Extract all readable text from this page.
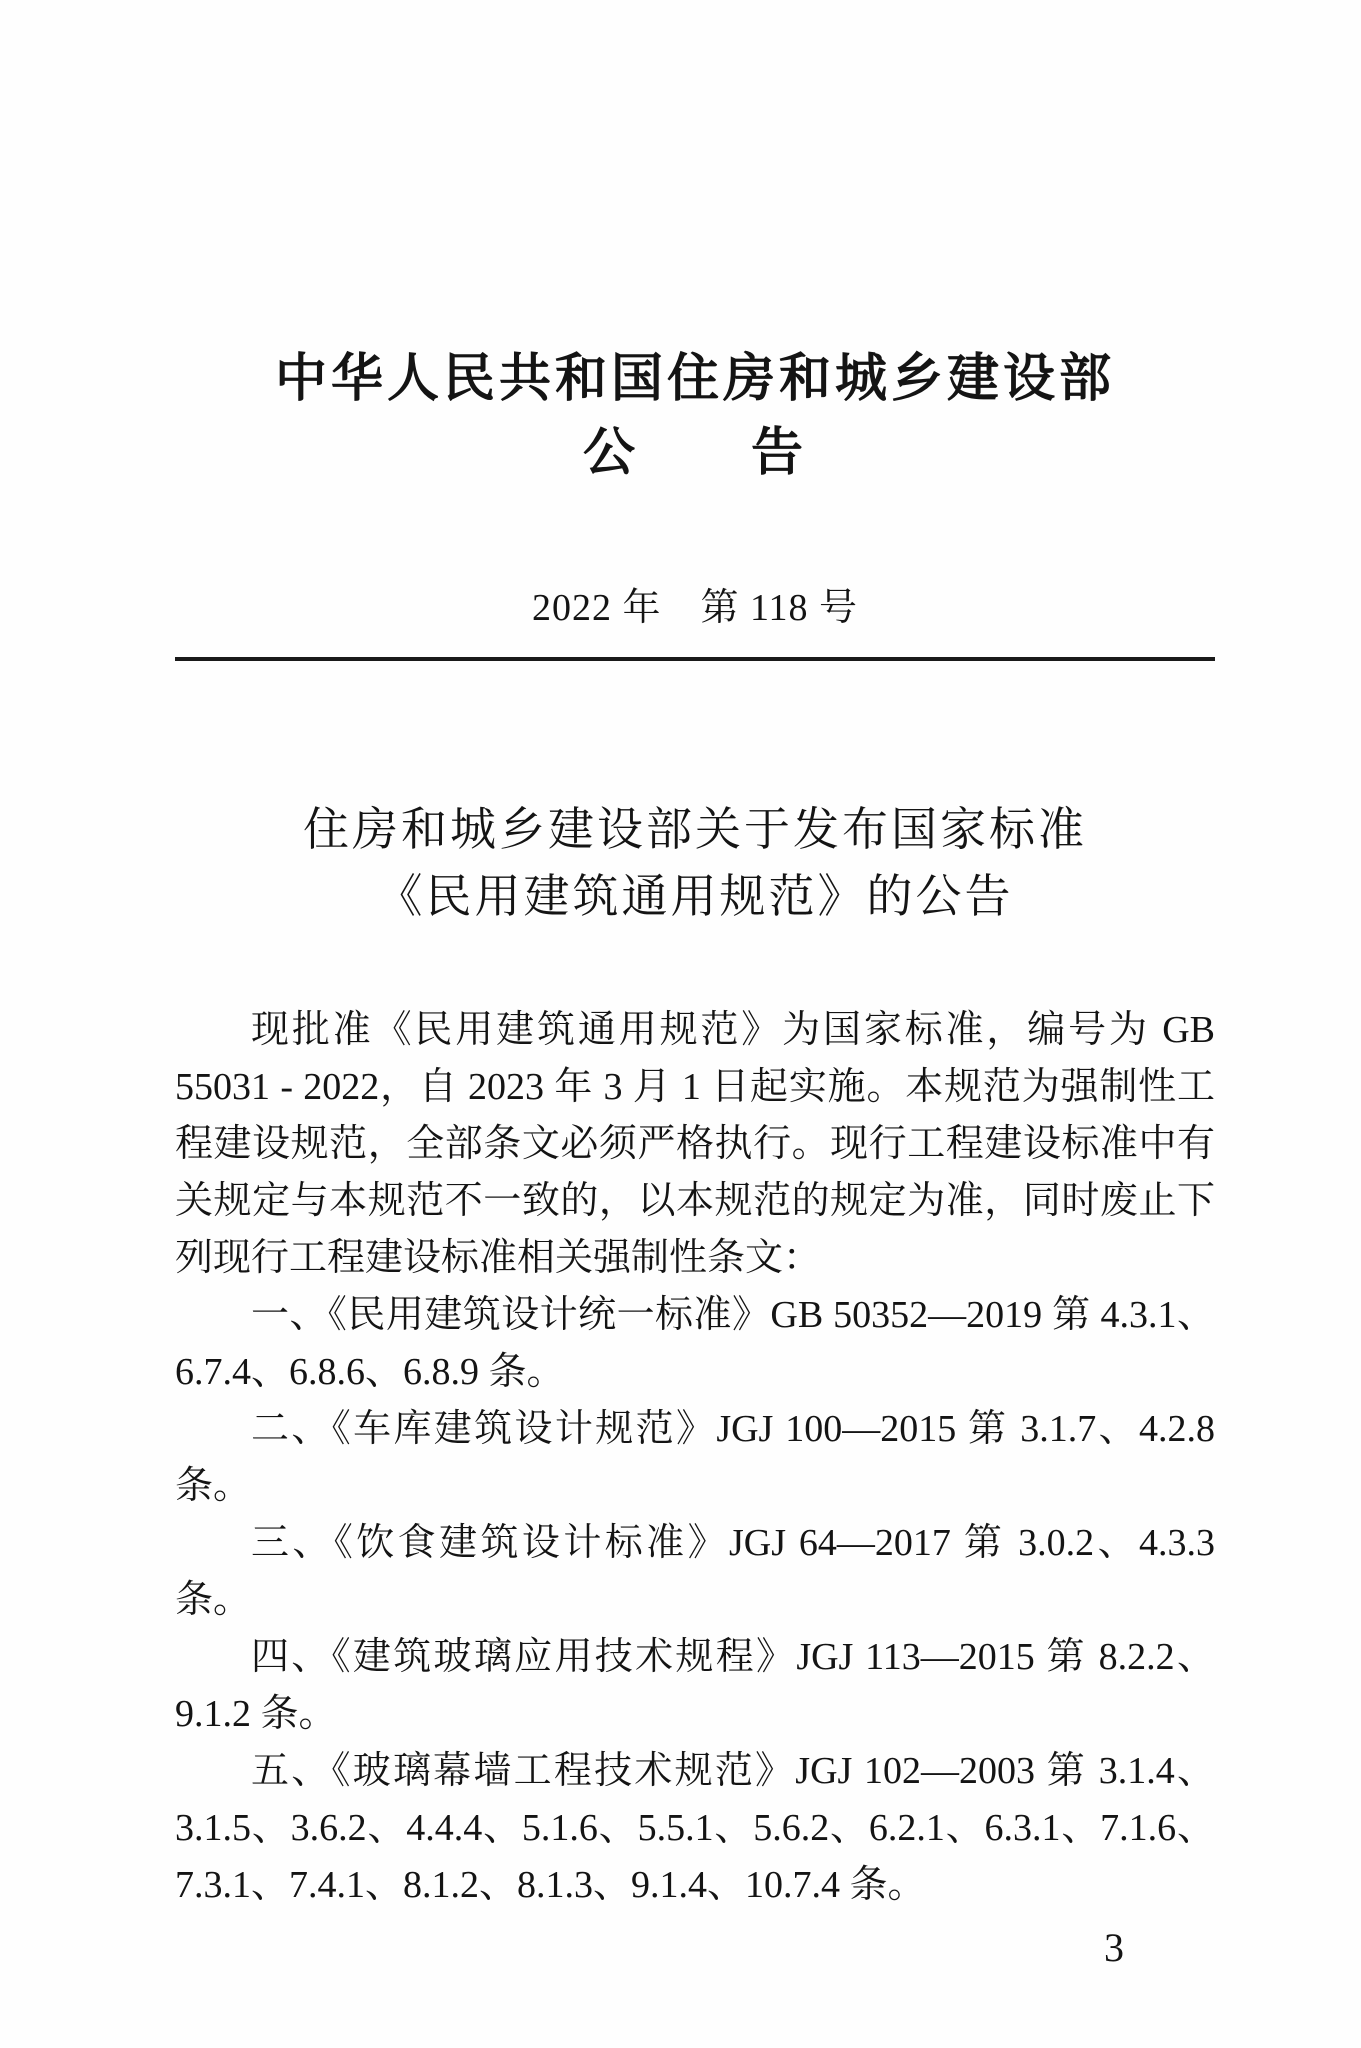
中华人民共和国住房和城乡建设部
公　　告
2022 年　第 118 号
住房和城乡建设部关于发布国家标准
《民用建筑通用规范》的公告

现批准《民用建筑通用规范》为国家标准，编号为 GB 55031 - 2022，自 2023 年 3 月 1 日起实施。本规范为强制性工程建设规范，全部条文必须严格执行。现行工程建设标准中有关规定与本规范不一致的，以本规范的规定为准，同时废止下列现行工程建设标准相关强制性条文：

一、《民用建筑设计统一标准》GB 50352—2019 第 4.3.1、6.7.4、6.8.6、6.8.9 条。

二、《车库建筑设计规范》JGJ 100—2015 第 3.1.7、4.2.8 条。

三、《饮食建筑设计标准》JGJ 64—2017 第 3.0.2、4.3.3 条。

四、《建筑玻璃应用技术规程》JGJ 113—2015 第 8.2.2、9.1.2 条。

五、《玻璃幕墙工程技术规范》JGJ 102—2003 第 3.1.4、3.1.5、3.6.2、4.4.4、5.1.6、5.5.1、5.6.2、6.2.1、6.3.1、7.1.6、7.3.1、7.4.1、8.1.2、8.1.3、9.1.4、10.7.4 条。

3
